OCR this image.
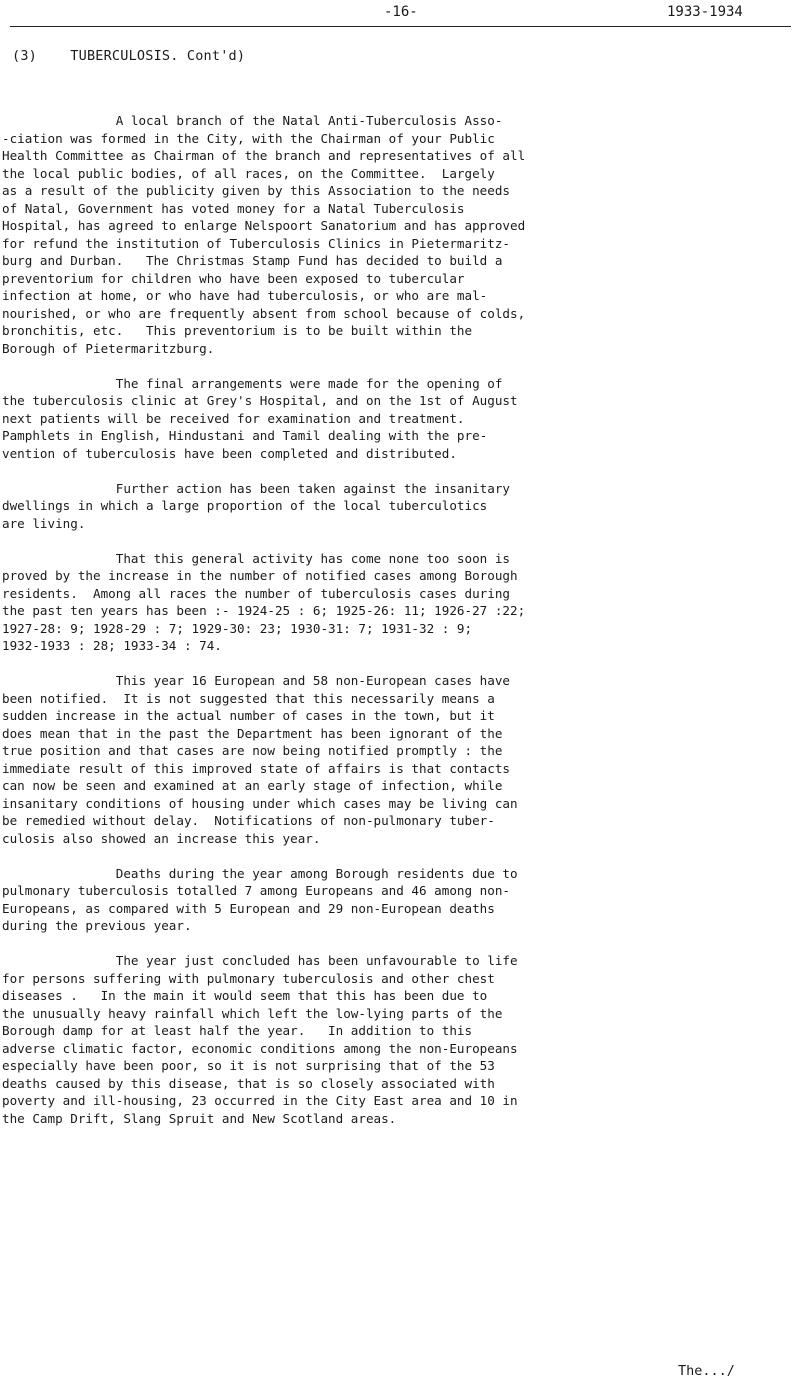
-16-	1933-1934
(3)    TUBERCULOSIS. Cont'd)

A local branch of the Natal Anti-Tuberculosis Asso-
-ciation was formed in the City, with the Chairman of your Public
Health Committee as Chairman of the branch and representatives of all
the local public bodies, of all races, on the Committee.  Largely
as a result of the publicity given by this Association to the needs
of Natal, Government has voted money for a Natal Tuberculosis
Hospital, has agreed to enlarge Nelspoort Sanatorium and has approved
for refund the institution of Tuberculosis Clinics in Pietermaritz-
burg and Durban.   The Christmas Stamp Fund has decided to build a
preventorium for children who have been exposed to tubercular
infection at home, or who have had tuberculosis, or who are mal-
nourished, or who are frequently absent from school because of colds,
bronchitis, etc.   This preventorium is to be built within the
Borough of Pietermaritzburg.

The final arrangements were made for the opening of
the tuberculosis clinic at Grey's Hospital, and on the 1st of August
next patients will be received for examination and treatment.
Pamphlets in English, Hindustani and Tamil dealing with the pre-
vention of tuberculosis have been completed and distributed.

Further action has been taken against the insanitary
dwellings in which a large proportion of the local tuberculotics
are living.

That this general activity has come none too soon is
proved by the increase in the number of notified cases among Borough
residents.  Among all races the number of tuberculosis cases during
the past ten years has been :- 1924-25 : 6; 1925-26: 11; 1926-27 :22;
1927-28: 9; 1928-29 : 7; 1929-30: 23; 1930-31: 7; 1931-32 : 9;
1932-1933 : 28; 1933-34 : 74.

This year 16 European and 58 non-European cases have
been notified.  It is not suggested that this necessarily means a
sudden increase in the actual number of cases in the town, but it
does mean that in the past the Department has been ignorant of the
true position and that cases are now being notified promptly : the
immediate result of this improved state of affairs is that contacts
can now be seen and examined at an early stage of infection, while
insanitary conditions of housing under which cases may be living can
be remedied without delay.  Notifications of non-pulmonary tuber-
culosis also showed an increase this year.

Deaths during the year among Borough residents due to
pulmonary tuberculosis totalled 7 among Europeans and 46 among non-
Europeans, as compared with 5 European and 29 non-European deaths
during the previous year.

The year just concluded has been unfavourable to life
for persons suffering with pulmonary tuberculosis and other chest
diseases .   In the main it would seem that this has been due to
the unusually heavy rainfall which left the low-lying parts of the
Borough damp for at least half the year.   In addition to this
adverse climatic factor, economic conditions among the non-Europeans
especially have been poor, so it is not surprising that of the 53
deaths caused by this disease, that is so closely associated with
poverty and ill-housing, 23 occurred in the City East area and 10 in
the Camp Drift, Slang Spruit and New Scotland areas.

The.../
